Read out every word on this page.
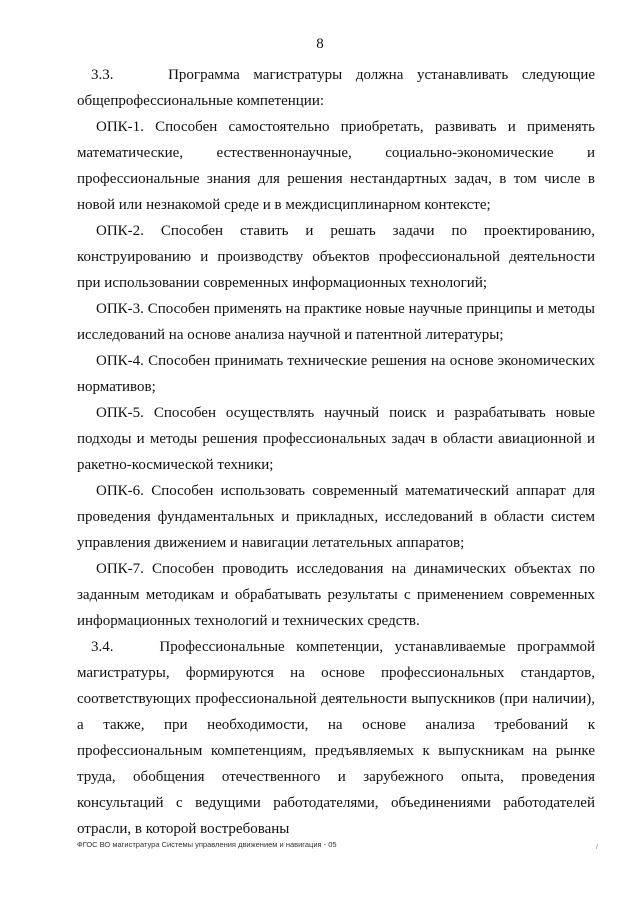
8

3.3.    Программа магистратуры должна устанавливать следующие общепрофессиональные компетенции:

ОПК-1. Способен самостоятельно приобретать, развивать и применять математические, естественнонаучные, социально-экономические и профессиональные знания для решения нестандартных задач, в том числе в новой или незнакомой среде и в междисциплинарном контексте;

ОПК-2. Способен ставить и решать задачи по проектированию, конструированию и производству объектов профессиональной деятельности при использовании современных информационных технологий;

ОПК-3. Способен применять на практике новые научные принципы и методы исследований на основе анализа научной и патентной литературы;

ОПК-4. Способен принимать технические решения на основе экономических нормативов;

ОПК-5. Способен осуществлять научный поиск и разрабатывать новые подходы и методы решения профессиональных задач в области авиационной и ракетно-космической техники;

ОПК-6. Способен использовать современный математический аппарат для проведения фундаментальных и прикладных, исследований в области систем управления движением и навигации летательных аппаратов;

ОПК-7. Способен проводить исследования на динамических объектах по заданным методикам и обрабатывать результаты с применением современных информационных технологий и технических средств.

3.4.    Профессиональные компетенции, устанавливаемые программой магистратуры, формируются на основе профессиональных стандартов, соответствующих профессиональной деятельности выпускников (при наличии), а также, при необходимости, на основе анализа требований к профессиональным компетенциям, предъявляемых к выпускникам на рынке труда, обобщения отечественного и зарубежного опыта, проведения консультаций с ведущими работодателями, объединениями работодателей отрасли, в которой востребованы

ФГОС ВО магистратура Системы управления движением и навигация - 05	/
